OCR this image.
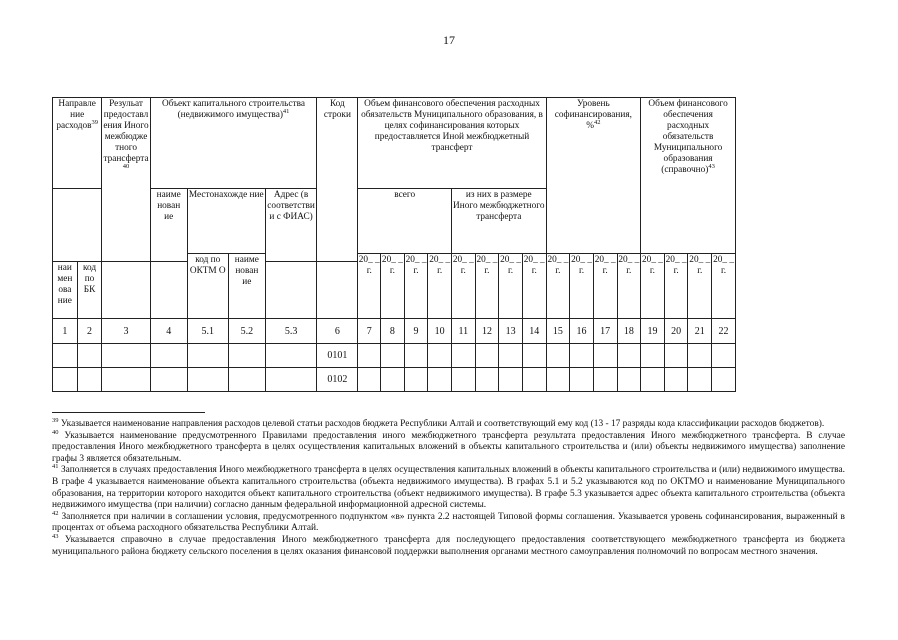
17
Направле ние расходов$^{39}$		Резульат предоставления Иного межбюджетного трансферта$^{40}$	Объект капитального строительства (недвижимого имущества)$^{41}$				Код строки	Объем финансового обеспечения расходных обязательств Муниципального образования, в целях софинансирования которых предоставляется Иной межбюджетный трансферт								Уровень софинансирования, %$^{42}$				Объем финансового обеспечения расходных обязательств Муниципального образования (справочно)$^{43}$
			наиме нован ие	Местонахожде ние		Адрес (в соответствии с ФИАС)		всего				из них в размере Иного межбюджетного трансферта											
				код по ОКТМ О	наиме нован ие			20_ _ г.	20_ _ г.	20_ _ г.	20_ _ г.	20_ _ г.	20_ _ г.	20_ _ г.	20_ _ г.	20_ _ г.	20_ _ г.	20_ _ г.	20_ _ г.	20_ _ г.	20_ _ г.	20_ _ г.	20_ _ г.
наи мен ова ние	код по БК																						
1	2	3	4	5.1	5.2	5.3	6	7	8	9	10	11	12	13	14	15	16	17	18	19	20	21	22
							0101																
							0102																

$^{39}$ Указывается наименование направления расходов целевой статьи расходов бюджета Республики Алтай и соответствующий ему код (13 - 17 разряды кода классификации расходов бюджетов).

$^{40}$ Указывается наименование предусмотренного Правилами предоставления иного межбюджетного трансферта результата предоставления Иного межбюджетного трансферта. В случае предоставления Иного межбюджетного трансферта в целях осуществления капитальных вложений в объекты капитального строительства и (или) объекты недвижимого имущества) заполнение графы 3 является обязательным.

$^{41}$ Заполняется в случаях предоставления Иного межбюджетного трансферта в целях осуществления капитальных вложений в объекты капитального строительства и (или) недвижимого имущества. В графе 4 указывается наименование объекта капитального строительства (объекта недвижимого имущества). В графах 5.1 и 5.2 указываются код по ОКТМО и наименование Муниципального образования, на территории которого находится объект капитального строительства (объект недвижимого имущества). В графе 5.3 указывается адрес объекта капитального строительства (объекта недвижимого имущества (при наличии) согласно данным федеральной информационной адресной системы.

$^{42}$ Заполняется при наличии в соглашении условия, предусмотренного подпунктом «в» пункта 2.2 настоящей Типовой формы соглашения. Указывается уровень софинансирования, выраженный в процентах от объема расходного обязательства Республики Алтай.

$^{43}$ Указывается справочно в случае предоставления Иного межбюджетного трансферта для последующего предоставления соответствующего межбюджетного трансферта из бюджета муниципального района бюджету сельского поселения в целях оказания финансовой поддержки выполнения органами местного самоуправления полномочий по вопросам местного значения.
